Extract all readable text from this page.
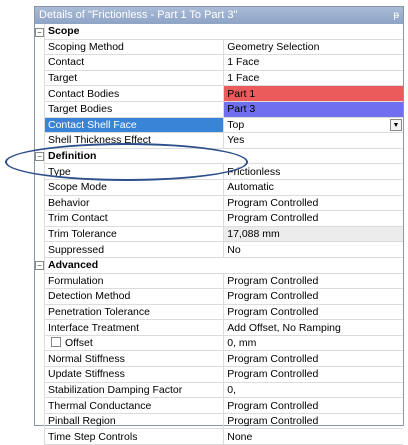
Details of "Frictionless - Part 1 To Part 3"	ᵽ
−	Scope	
	Scoping Method	Geometry Selection
	Contact	1 Face
	Target	1 Face
	Contact Bodies	Part 1
	Target Bodies	Part 3
	Contact Shell Face	Top ▼

	Shell Thickness Effect	Yes
−	Definition	
	Type	Frictionless
	Scope Mode	Automatic
	Behavior	Program Controlled
	Trim Contact	Program Controlled
	Trim Tolerance	17,088 mm
	Suppressed	No
−	Advanced	
	Formulation	Program Controlled
	Detection Method	Program Controlled
	Penetration Tolerance	Program Controlled
	Interface Treatment	Add Offset, No Ramping
	Offset	0, mm
	Normal Stiffness	Program Controlled
	Update Stiffness	Program Controlled
	Stabilization Damping Factor	0,
	Thermal Conductance	Program Controlled
	Pinball Region	Program Controlled
	Time Step Controls	None
